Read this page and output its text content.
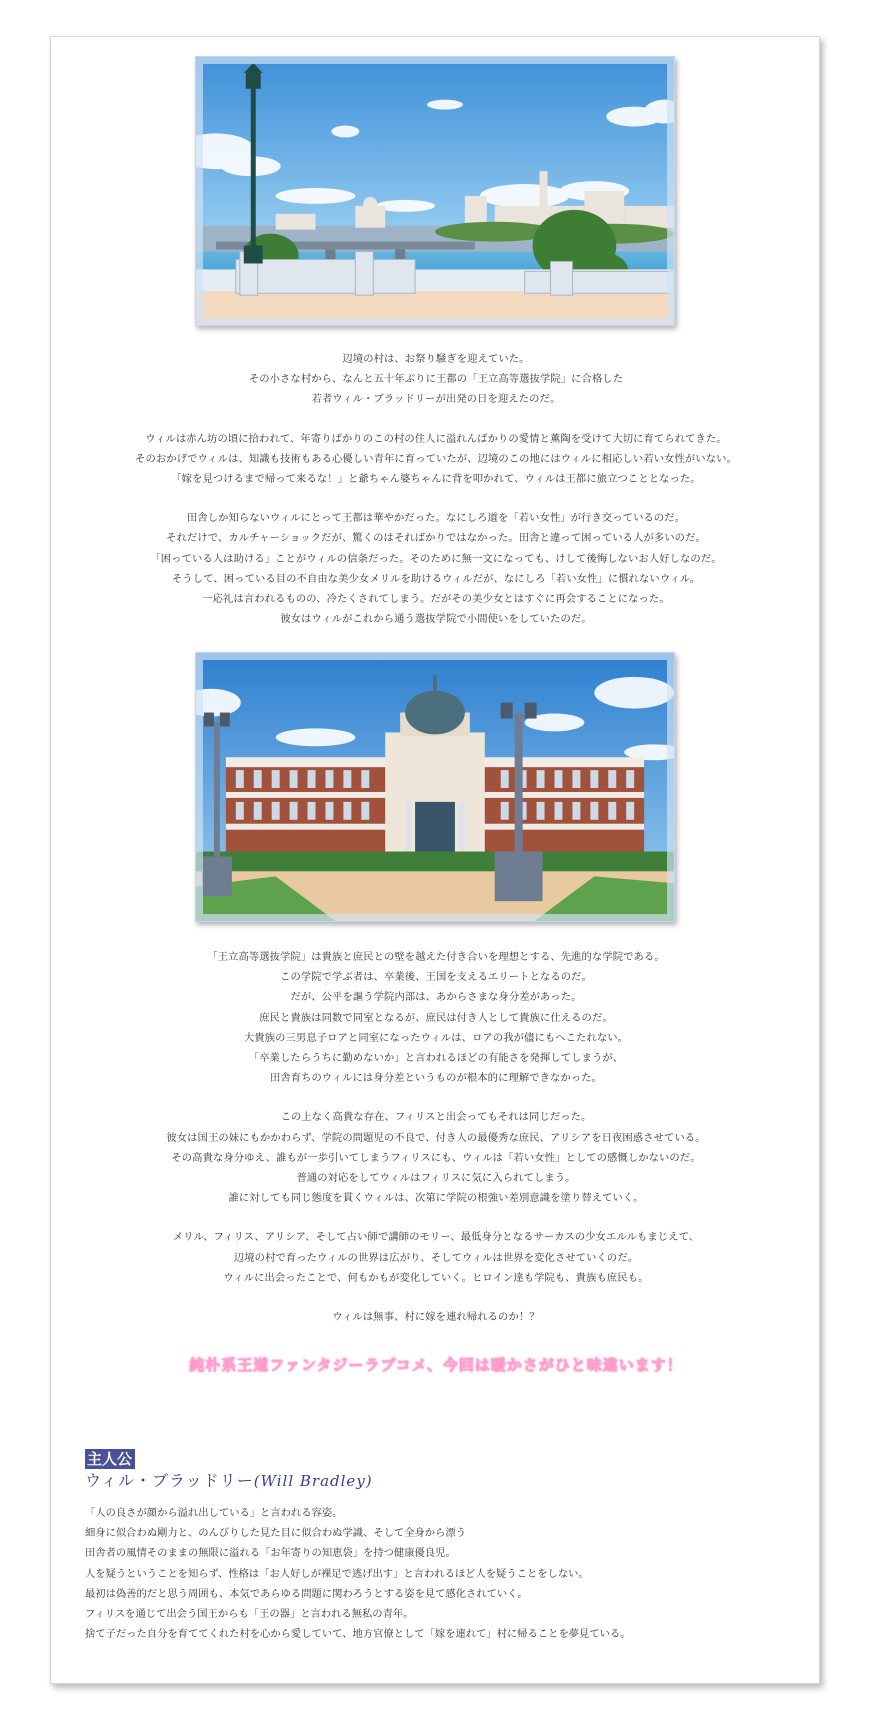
辺境の村は、お祭り騒ぎを迎えていた。
その小さな村から、なんと五十年ぶりに王都の「王立高等選抜学院」に合格した
若者ウィル・ブラッドリーが出発の日を迎えたのだ。

ウィルは赤ん坊の頃に拾われて、年寄りばかりのこの村の住人に溢れんばかりの愛情と薫陶を受けて大切に育てられてきた。
そのおかげでウィルは、知識も技術もある心優しい青年に育っていたが、辺境のこの地にはウィルに相応しい若い女性がいない。
「嫁を見つけるまで帰って来るな！」と爺ちゃん婆ちゃんに背を叩かれて、ウィルは王都に旅立つこととなった。

田舎しか知らないウィルにとって王都は華やかだった。なにしろ道を「若い女性」が行き交っているのだ。
それだけで、カルチャーショックだが、驚くのはそればかりではなかった。田舎と違って困っている人が多いのだ。
「困っている人は助ける」ことがウィルの信条だった。そのために無一文になっても、けして後悔しないお人好しなのだ。
そうして、困っている目の不自由な美少女メリルを助けるウィルだが、なにしろ「若い女性」に慣れないウィル。
一応礼は言われるものの、冷たくされてしまう。だがその美少女とはすぐに再会することになった。
彼女はウィルがこれから通う選抜学院で小間使いをしていたのだ。

「王立高等選抜学院」は貴族と庶民との壁を越えた付き合いを理想とする、先進的な学院である。
この学院で学ぶ者は、卒業後、王国を支えるエリートとなるのだ。
だが、公平を謳う学院内部は、あからさまな身分差があった。
庶民と貴族は同数で同室となるが、庶民は付き人として貴族に仕えるのだ。
大貴族の三男息子ロアと同室になったウィルは、ロアの我が儘にもへこたれない。
「卒業したらうちに勤めないか」と言われるほどの有能さを発揮してしまうが、
田舎育ちのウィルには身分差というものが根本的に理解できなかった。

この上なく高貴な存在、フィリスと出会ってもそれは同じだった。
彼女は国王の妹にもかかわらず、学院の問題児の不良で、付き人の最優秀な庶民、アリシアを日夜困惑させている。
その高貴な身分ゆえ、誰もが一歩引いてしまうフィリスにも、ウィルは「若い女性」としての感慨しかないのだ。
普通の対応をしてウィルはフィリスに気に入られてしまう。
誰に対しても同じ態度を貫くウィルは、次第に学院の根強い差別意識を塗り替えていく。

メリル、フィリス、アリシア、そして占い師で講師のモリー、最低身分となるサーカスの少女エルルもまじえて、
辺境の村で育ったウィルの世界は広がり、そしてウィルは世界を変化させていくのだ。
ウィルに出会ったことで、何もかもが変化していく。ヒロイン達も学院も、貴族も庶民も。

ウィルは無事、村に嫁を連れ帰れるのか！？

純朴系王道ファンタジーラブコメ、今回は暖かさがひと味違います！
主人公
ウィル・ブラッドリー(Will Bradley)
「人の良さが顔から溢れ出している」と言われる容姿。
細身に似合わぬ剛力と、のんびりした見た目に似合わぬ学識、そして全身から漂う
田舎者の風情そのままの無限に溢れる「お年寄りの知恵袋」を持つ健康優良児。
人を疑うということを知らず、性格は「お人好しが裸足で逃げ出す」と言われるほど人を疑うことをしない。
最初は偽善的だと思う周囲も、本気であらゆる問題に関わろうとする姿を見て感化されていく。
フィリスを通じて出会う国王からも「王の器」と言われる無私の青年。
捨て子だった自分を育ててくれた村を心から愛していて、地方官僚として「嫁を連れて」村に帰ることを夢見ている。
